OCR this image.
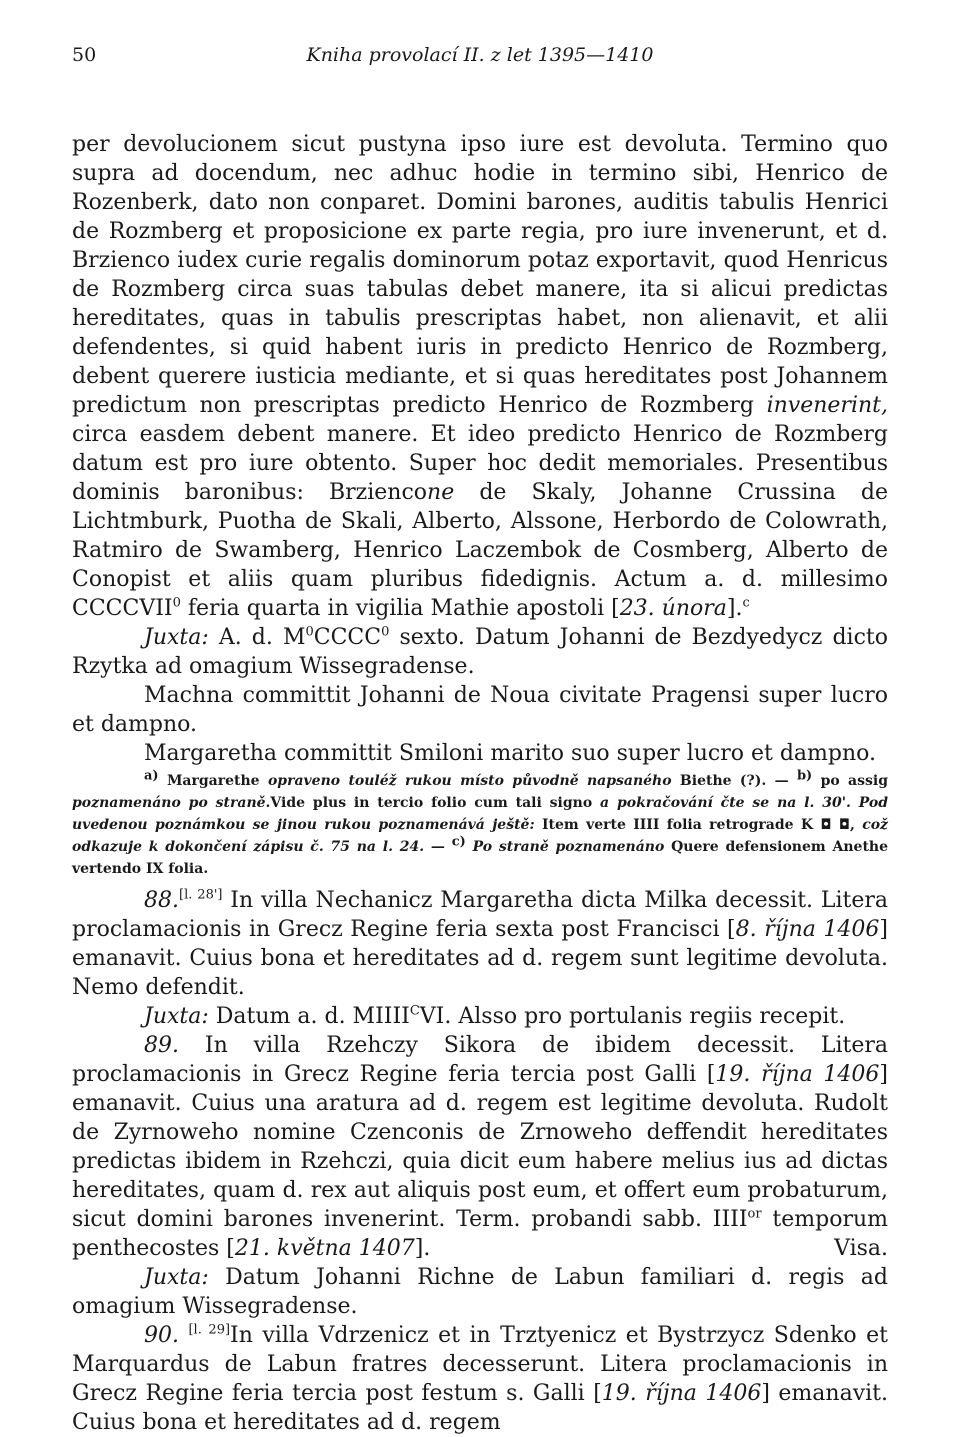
50	Kniha provolací II. z let 1395—1410

per devolucionem sicut pustyna ipso iure est devoluta. Termino quo supra ad docendum, nec adhuc hodie in termino sibi, Henrico de Rozenberk, dato non conparet. Domini barones, auditis tabulis Henrici de Rozmberg et proposicione ex parte regia, pro iure invenerunt, et d. Brzienco iudex curie regalis dominorum potaz exportavit, quod Henricus de Rozmberg circa suas tabulas debet manere, ita si alicui predictas hereditates, quas in tabulis prescriptas habet, non alienavit, et alii defendentes, si quid habent iuris in predicto Henrico de Rozmberg, debent querere iusticia mediante, et si quas hereditates post Johannem predictum non prescriptas predicto Henrico de Rozmberg invenerint, circa easdem debent manere. Et ideo predicto Henrico de Rozmberg datum est pro iure obtento. Super hoc dedit memoriales. Presentibus dominis baronibus: Brziencone de Skaly, Johanne Crussina de Lichtmburk, Puotha de Skali, Alberto, Alssone, Herbordo de Colowrath, Ratmiro de Swamberg, Henrico Laczembok de Cosmberg, Alberto de Conopist et aliis quam pluribus fidedignis. Actum a. d. millesimo CCCCVII$^0$ feria quarta in vigilia Mathie apostoli [23. února].$^c$

Juxta: A. d. $M^0CCCC^0$ sexto. Datum Johanni de Bezdyedycz dicto Rzytka ad omagium Wissegradense.

Machna committit Johanni de Noua civitate Pragensi super lucro et dampno.

Margaretha committit Smiloni marito suo super lucro et dampno.

$^{a)}$ Margarethe opraveno touléž rukou místo původně napsaného Biethe (?). — $^{b)}$ po assig poznamenáno po straně.Vide plus in tercio folio cum tali signo a pokračování čte se na l. 30'. Pod uvedenou poznámkou se jinou rukou poznamenává ještě: Item verte IIII folia retrograde K ◘ ◘, což odkazuje k dokončení zápisu č. 75 na l. 24. — $^{c)}$ Po straně poznamenáno Quere defensionem Anethe vertendo IX folia.

88.[l. 28'] In villa Nechanicz Margaretha dicta Milka decessit. Litera proclamacionis in Grecz Regine feria sexta post Francisci [8. října 1406] emanavit. Cuius bona et hereditates ad d. regem sunt legitime devoluta. Nemo defendit.

Juxta: Datum a. d. $MIIII^CVI$. Alsso pro portulanis regiis recepit.

89. In villa Rzehczy Sikora de ibidem decessit. Litera proclamacionis in Grecz Regine feria tercia post Galli [19. října 1406] emanavit. Cuius una aratura ad d. regem est legitime devoluta. Rudolt de Zyrnoweho nomine Czenconis de Zrnoweho deffendit hereditates predictas ibidem in Rzehczi, quia dicit eum habere melius ius ad dictas hereditates, quam d. rex aut aliquis post eum, et offert eum probaturum, sicut domini barones invenerint. Term. probandi sabb. $IIII^{or}$ temporum penthecostes [21. května 1407].	Visa.

Juxta: Datum Johanni Richne de Labun familiari d. regis ad omagium Wissegradense.

90. [l. 29]In villa Vdrzenicz et in Trztyenicz et Bystrzycz Sdenko et Marquardus de Labun fratres decesserunt. Litera proclamacionis in Grecz Regine feria tercia post festum s. Galli [19. října 1406] emanavit. Cuius bona et hereditates ad d. regem
